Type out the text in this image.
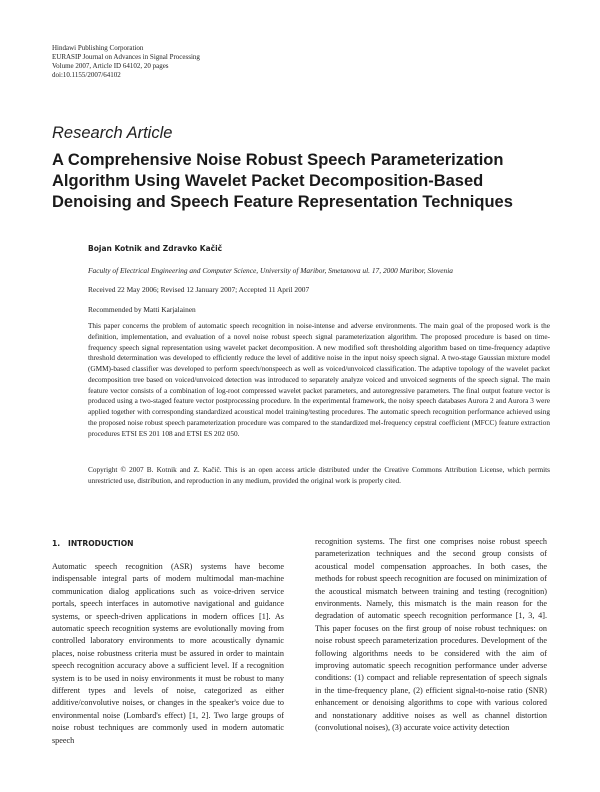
Hindawi Publishing Corporation
EURASIP Journal on Advances in Signal Processing
Volume 2007, Article ID 64102, 20 pages
doi:10.1155/2007/64102
Research Article
A Comprehensive Noise Robust Speech Parameterization
Algorithm Using Wavelet Packet Decomposition-Based
Denoising and Speech Feature Representation Techniques
Bojan Kotnik and Zdravko Kačič
Faculty of Electrical Engineering and Computer Science, University of Maribor, Smetanova ul. 17, 2000 Maribor, Slovenia
Received 22 May 2006; Revised 12 January 2007; Accepted 11 April 2007
Recommended by Matti Karjalainen
This paper concerns the problem of automatic speech recognition in noise-intense and adverse environments. The main goal of the proposed work is the definition, implementation, and evaluation of a novel noise robust speech signal parameterization algorithm. The proposed procedure is based on time-frequency speech signal representation using wavelet packet decomposition. A new modified soft thresholding algorithm based on time-frequency adaptive threshold determination was developed to efficiently reduce the level of additive noise in the input noisy speech signal. A two-stage Gaussian mixture model (GMM)-based classifier was developed to perform speech/nonspeech as well as voiced/unvoiced classification. The adaptive topology of the wavelet packet decomposition tree based on voiced/unvoiced detection was introduced to separately analyze voiced and unvoiced segments of the speech signal. The main feature vector consists of a combination of log-root compressed wavelet packet parameters, and autoregressive parameters. The final output feature vector is produced using a two-staged feature vector postprocessing procedure. In the experimental framework, the noisy speech databases Aurora 2 and Aurora 3 were applied together with corresponding standardized acoustical model training/testing procedures. The automatic speech recognition performance achieved using the proposed noise robust speech parameterization procedure was compared to the standardized mel-frequency cepstral coefficient (MFCC) feature extraction procedures ETSI ES 201 108 and ETSI ES 202 050.
Copyright © 2007 B. Kotnik and Z. Kačič. This is an open access article distributed under the Creative Commons Attribution License, which permits unrestricted use, distribution, and reproduction in any medium, provided the original work is properly cited.
1. INTRODUCTION
Automatic speech recognition (ASR) systems have become indispensable integral parts of modern multimodal man-machine communication dialog applications such as voice-driven service portals, speech interfaces in automotive navigational and guidance systems, or speech-driven applications in modern offices [1]. As automatic speech recognition systems are evolutionally moving from controlled laboratory environments to more acoustically dynamic places, noise robustness criteria must be assured in order to maintain speech recognition accuracy above a sufficient level. If a recognition system is to be used in noisy environments it must be robust to many different types and levels of noise, categorized as either additive/convolutive noises, or changes in the speaker's voice due to environmental noise (Lombard's effect) [1, 2]. Two large groups of noise robust techniques are commonly used in modern automatic speech
recognition systems. The first one comprises noise robust speech parameterization techniques and the second group consists of acoustical model compensation approaches. In both cases, the methods for robust speech recognition are focused on minimization of the acoustical mismatch between training and testing (recognition) environments. Namely, this mismatch is the main reason for the degradation of automatic speech recognition performance [1, 3, 4]. This paper focuses on the first group of noise robust techniques: on noise robust speech parameterization procedures. Development of the following algorithms needs to be considered with the aim of improving automatic speech recognition performance under adverse conditions: (1) compact and reliable representation of speech signals in the time-frequency plane, (2) efficient signal-to-noise ratio (SNR) enhancement or denoising algorithms to cope with various colored and nonstationary additive noises as well as channel distortion (convolutional noises), (3) accurate voice activity detection
